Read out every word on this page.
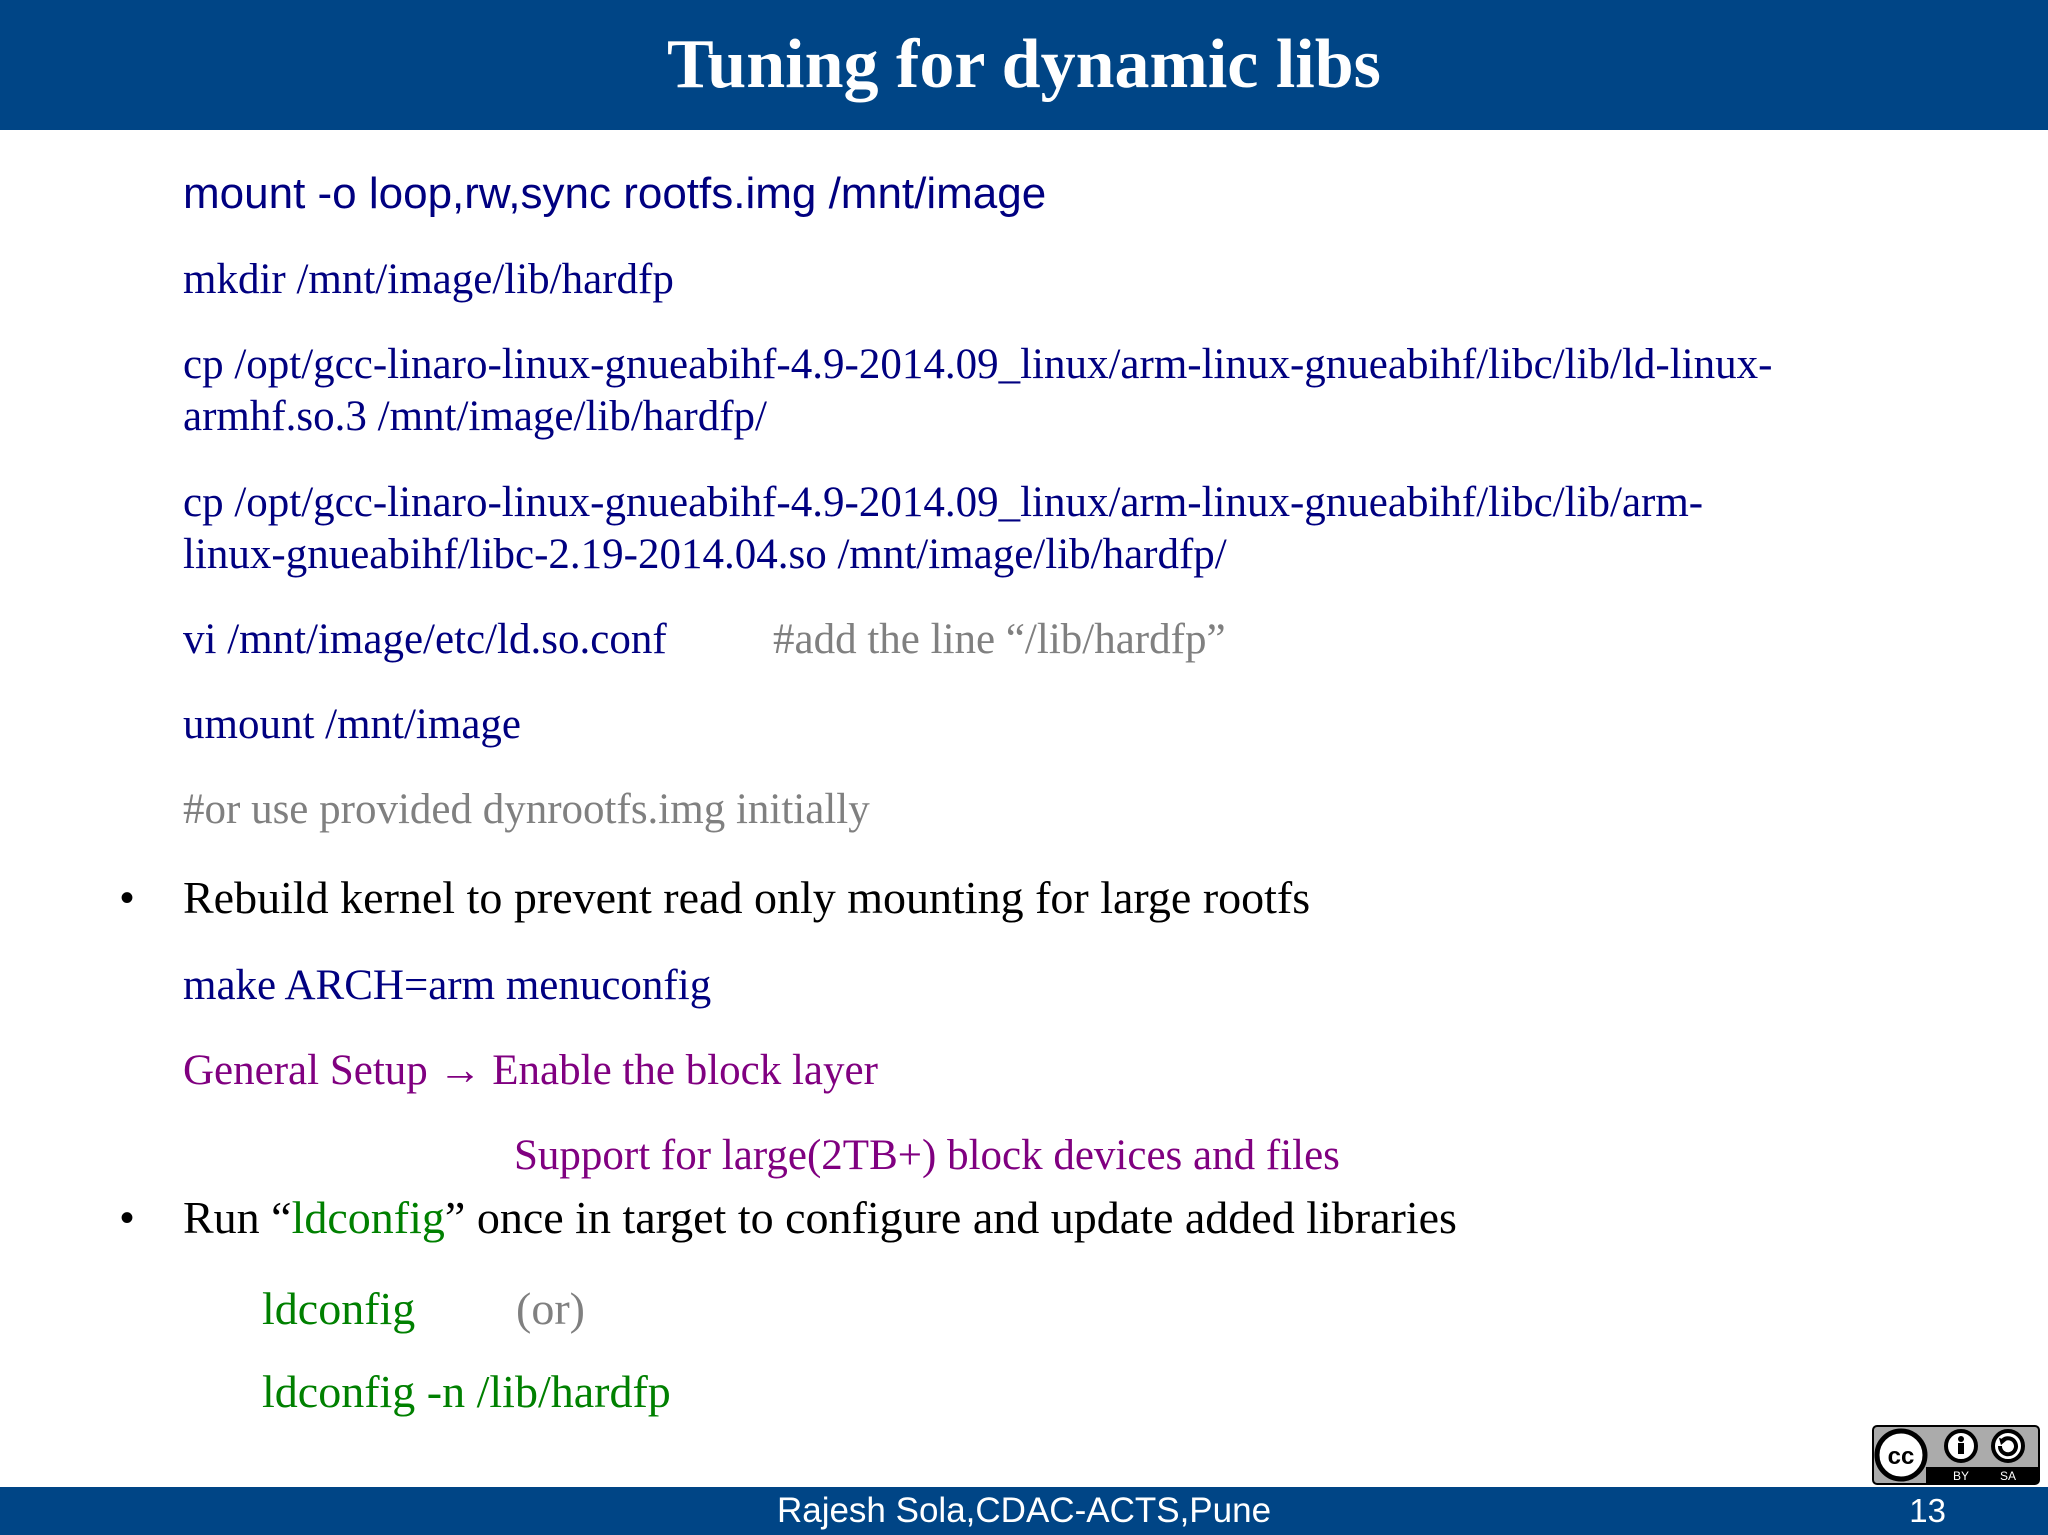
Tuning for dynamic libs
mount -o loop,rw,sync rootfs.img /mnt/image
mkdir /mnt/image/lib/hardfp
cp /opt/gcc-linaro-linux-gnueabihf-4.9-2014.09_linux/arm-linux-gnueabihf/libc/lib/ld-linux-
armhf.so.3 /mnt/image/lib/hardfp/
cp /opt/gcc-linaro-linux-gnueabihf-4.9-2014.09_linux/arm-linux-gnueabihf/libc/lib/arm-
linux-gnueabihf/libc-2.19-2014.04.so /mnt/image/lib/hardfp/
vi /mnt/image/etc/ld.so.conf #add the line “/lib/hardfp”
umount /mnt/image
#or use provided dynrootfs.img initially
• Rebuild kernel to prevent read only mounting for large rootfs
make ARCH=arm menuconfig
General Setup → Enable the block layer
Support for large(2TB+) block devices and files
• Run “ldconfig” once in target to configure and update added libraries
ldconfig (or)
ldconfig -n /lib/hardfp
cc
BY	SA
Rajesh Sola,CDAC-ACTS,Pune	13
